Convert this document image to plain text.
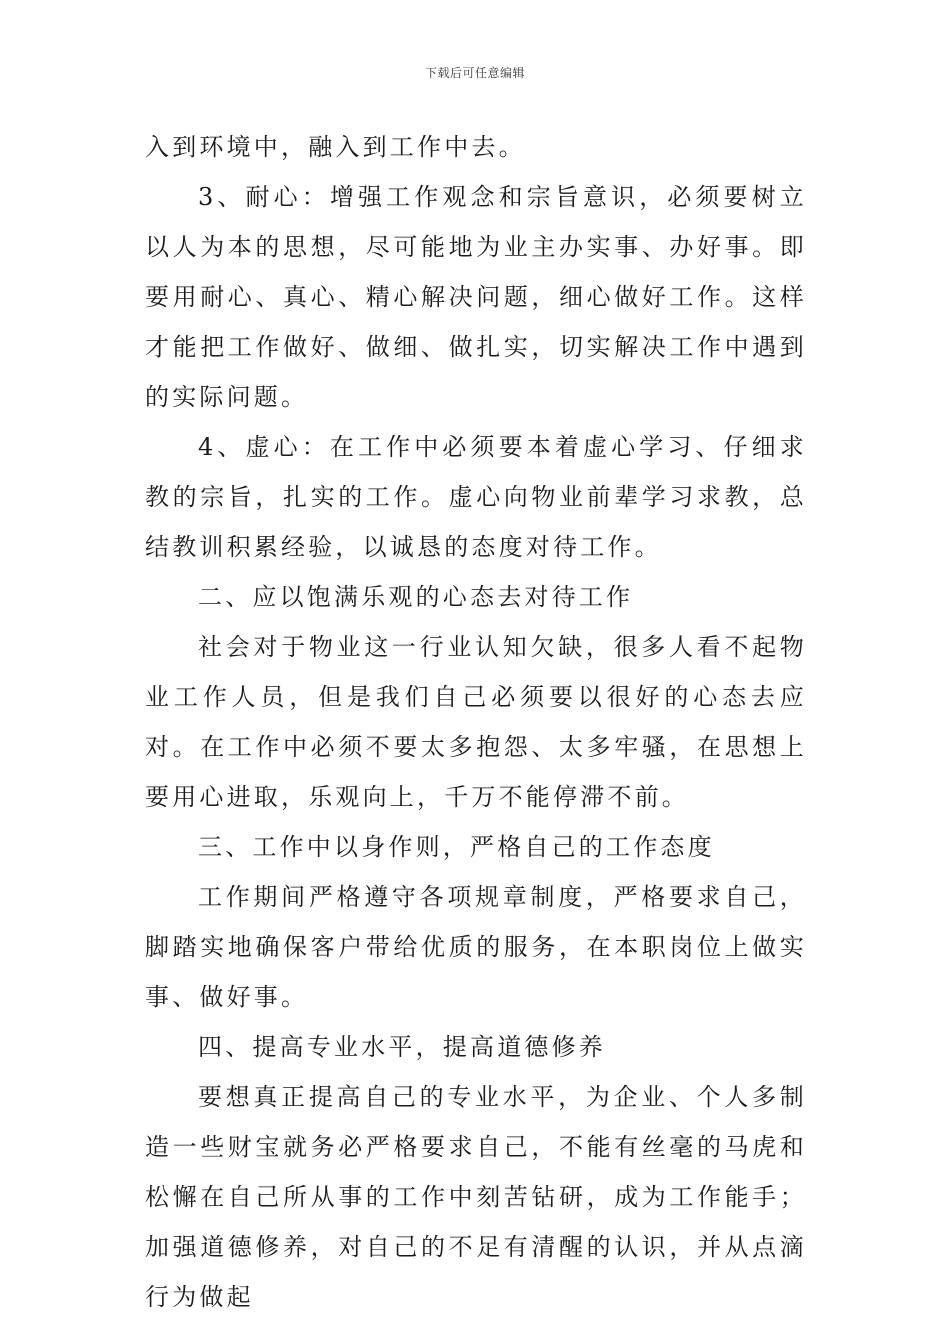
下载后可任意编辑

入到环境中，融入到工作中去。

3、耐心：增强工作观念和宗旨意识，必须要树立以人为本的思想，尽可能地为业主办实事、办好事。即要用耐心、真心、精心解决问题，细心做好工作。这样才能把工作做好、做细、做扎实，切实解决工作中遇到的实际问题。

4、虚心：在工作中必须要本着虚心学习、仔细求教的宗旨，扎实的工作。虚心向物业前辈学习求教，总结教训积累经验，以诚恳的态度对待工作。

二、应以饱满乐观的心态去对待工作

社会对于物业这一行业认知欠缺，很多人看不起物业工作人员，但是我们自己必须要以很好的心态去应对。在工作中必须不要太多抱怨、太多牢骚，在思想上要用心进取，乐观向上，千万不能停滞不前。

三、工作中以身作则，严格自己的工作态度

工作期间严格遵守各项规章制度，严格要求自己，脚踏实地确保客户带给优质的服务，在本职岗位上做实事、做好事。

四、提高专业水平，提高道德修养

要想真正提高自己的专业水平，为企业、个人多制造一些财宝就务必严格要求自己，不能有丝毫的马虎和松懈在自己所从事的工作中刻苦钻研，成为工作能手；加强道德修养，对自己的不足有清醒的认识，并从点滴行为做起
